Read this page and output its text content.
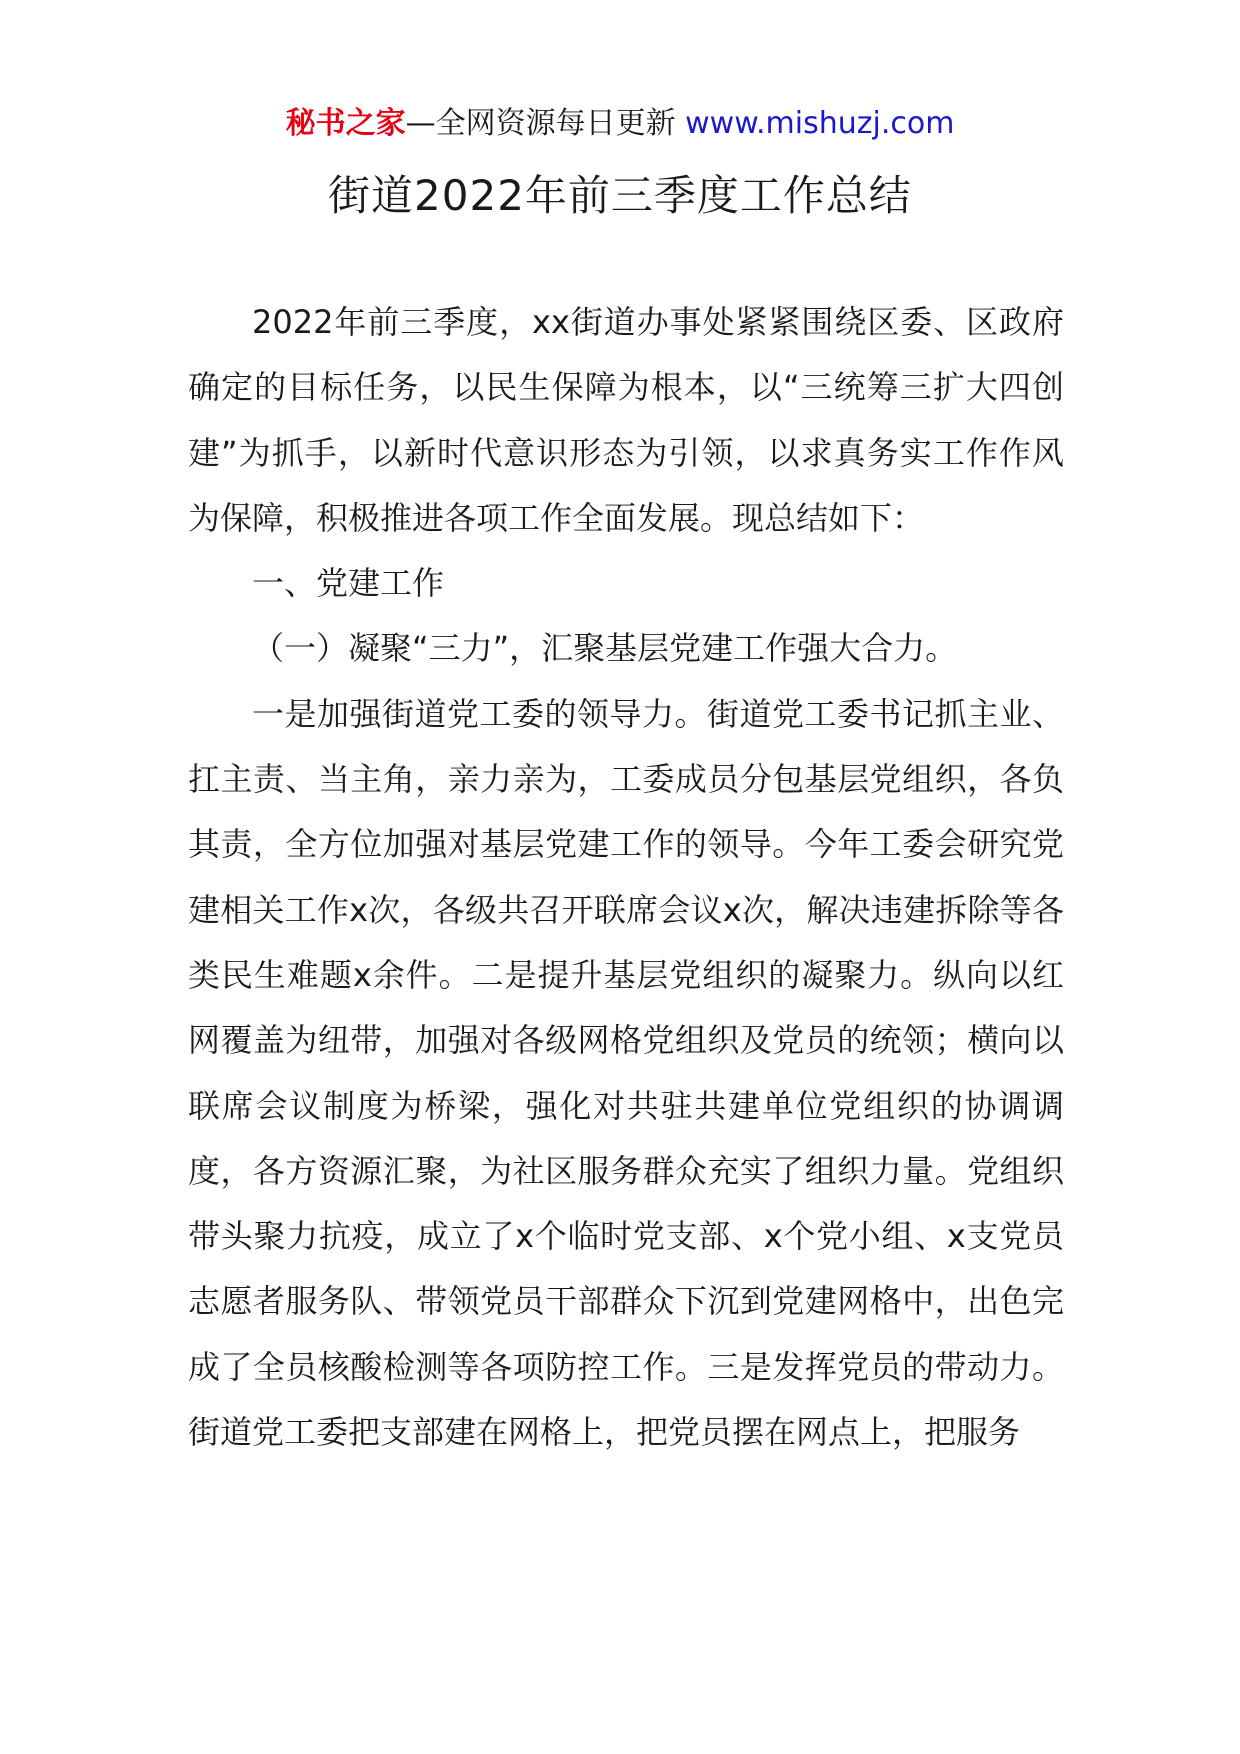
秘书之家—全网资源每日更新 www.mishuzj.com
街道2022年前三季度工作总结

2022年前三季度，xx街道办事处紧紧围绕区委、区政府确定的目标任务，以民生保障为根本，以“三统筹三扩大四创建”为抓手，以新时代意识形态为引领，以求真务实工作作风为保障，积极推进各项工作全面发展。现总结如下：

一、党建工作

（一）凝聚“三力”，汇聚基层党建工作强大合力。

一是加强街道党工委的领导力。街道党工委书记抓主业、扛主责、当主角，亲力亲为，工委成员分包基层党组织，各负其责，全方位加强对基层党建工作的领导。今年工委会研究党建相关工作x次，各级共召开联席会议x次，解决违建拆除等各类民生难题x余件。二是提升基层党组织的凝聚力。纵向以红网覆盖为纽带，加强对各级网格党组织及党员的统领；横向以联席会议制度为桥梁，强化对共驻共建单位党组织的协调调度，各方资源汇聚，为社区服务群众充实了组织力量。党组织带头聚力抗疫，成立了x个临时党支部、x个党小组、x支党员志愿者服务队、带领党员干部群众下沉到党建网格中，出色完成了全员核酸检测等各项防控工作。三是发挥党员的带动力。街道党工委把支部建在网格上，把党员摆在网点上，把服务
